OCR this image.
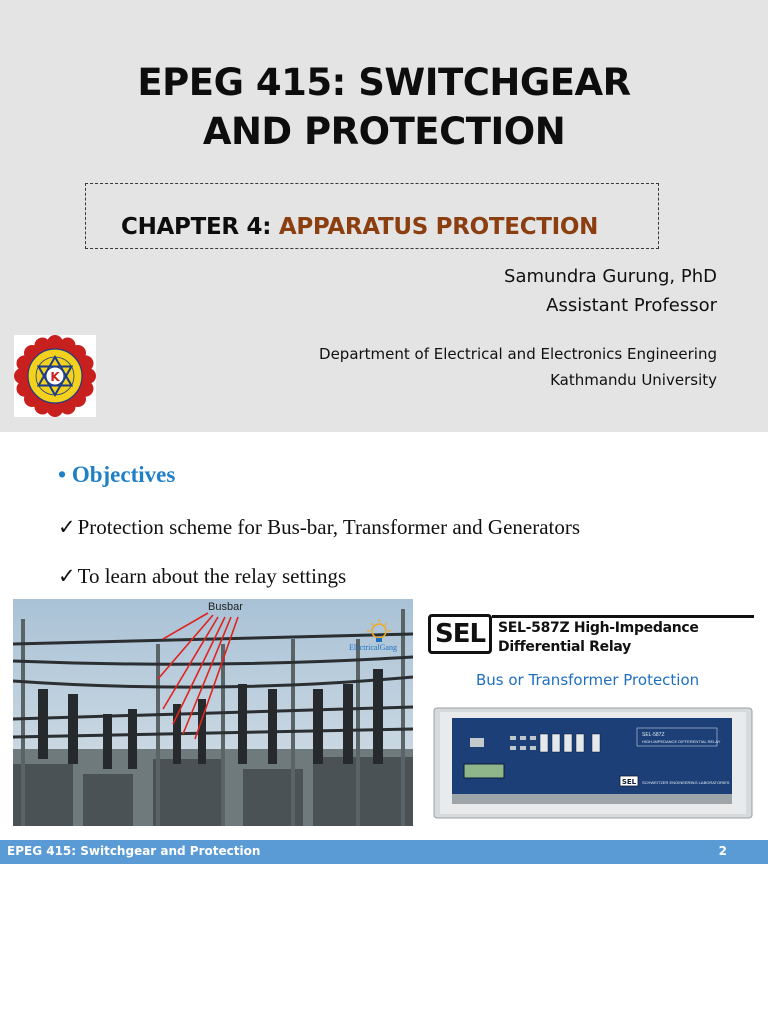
EPEG 415: SWITCHGEAR
AND PROTECTION
CHAPTER 4: APPARATUS PROTECTION
Samundra Gurung, PhD
Assistant Professor
Department of Electrical and Electronics Engineering
Kathmandu University
K
• Objectives
✓Protection scheme for Bus-bar, Transformer and Generators
✓To learn about the relay settings
Busbar
ElectricalGang SEL SEL-587Z High-Impedance
Differential Relay
Bus or Transformer Protection
SEL-587Z
HIGH-IMPEDANCE DIFFERENTIAL RELAY
SEL SCHWEITZER ENGINEERING LABORATORIES
EPEG 415: Switchgear and Protection	2
